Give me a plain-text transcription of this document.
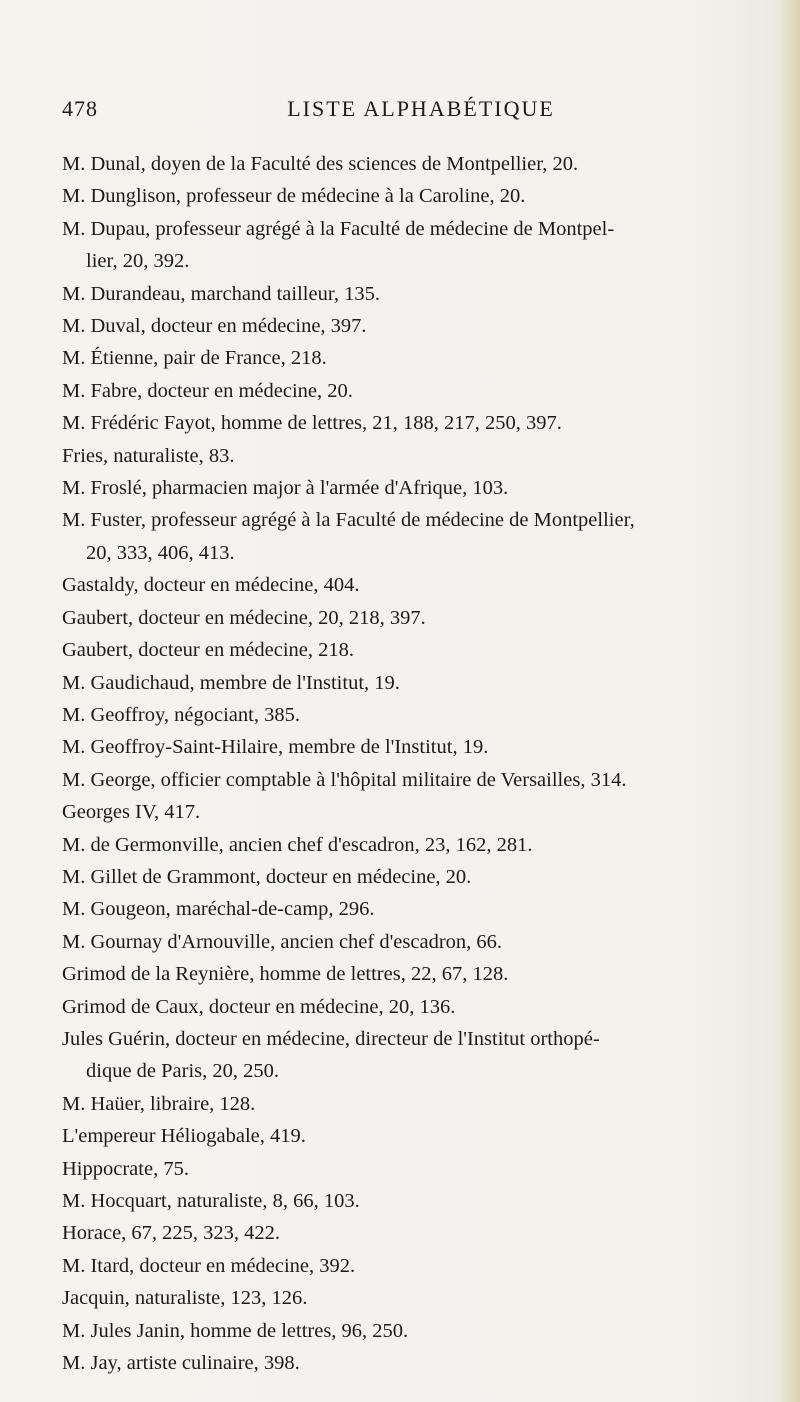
478	LISTE ALPHABÉTIQUE
M. Dunal, doyen de la Faculté des sciences de Montpellier, 20.
M. Dunglison, professeur de médecine à la Caroline, 20.
M. Dupau, professeur agrégé à la Faculté de médecine de Montpel-
lier, 20, 392.
M. Durandeau, marchand tailleur, 135.
M. Duval, docteur en médecine, 397.
M. Étienne, pair de France, 218.
M. Fabre, docteur en médecine, 20.
M. Frédéric Fayot, homme de lettres, 21, 188, 217, 250, 397.
Fries, naturaliste, 83.
M. Froslé, pharmacien major à l'armée d'Afrique, 103.
M. Fuster, professeur agrégé à la Faculté de médecine de Montpellier,
20, 333, 406, 413.
Gastaldy, docteur en médecine, 404.
Gaubert, docteur en médecine, 20, 218, 397.
Gaubert, docteur en médecine, 218.
M. Gaudichaud, membre de l'Institut, 19.
M. Geoffroy, négociant, 385.
M. Geoffroy-Saint-Hilaire, membre de l'Institut, 19.
M. George, officier comptable à l'hôpital militaire de Versailles, 314.
Georges IV, 417.
M. de Germonville, ancien chef d'escadron, 23, 162, 281.
M. Gillet de Grammont, docteur en médecine, 20.
M. Gougeon, maréchal-de-camp, 296.
M. Gournay d'Arnouville, ancien chef d'escadron, 66.
Grimod de la Reynière, homme de lettres, 22, 67, 128.
Grimod de Caux, docteur en médecine, 20, 136.
Jules Guérin, docteur en médecine, directeur de l'Institut orthopé-
dique de Paris, 20, 250.
M. Haüer, libraire, 128.
L'empereur Héliogabale, 419.
Hippocrate, 75.
M. Hocquart, naturaliste, 8, 66, 103.
Horace, 67, 225, 323, 422.
M. Itard, docteur en médecine, 392.
Jacquin, naturaliste, 123, 126.
M. Jules Janin, homme de lettres, 96, 250.
M. Jay, artiste culinaire, 398.
